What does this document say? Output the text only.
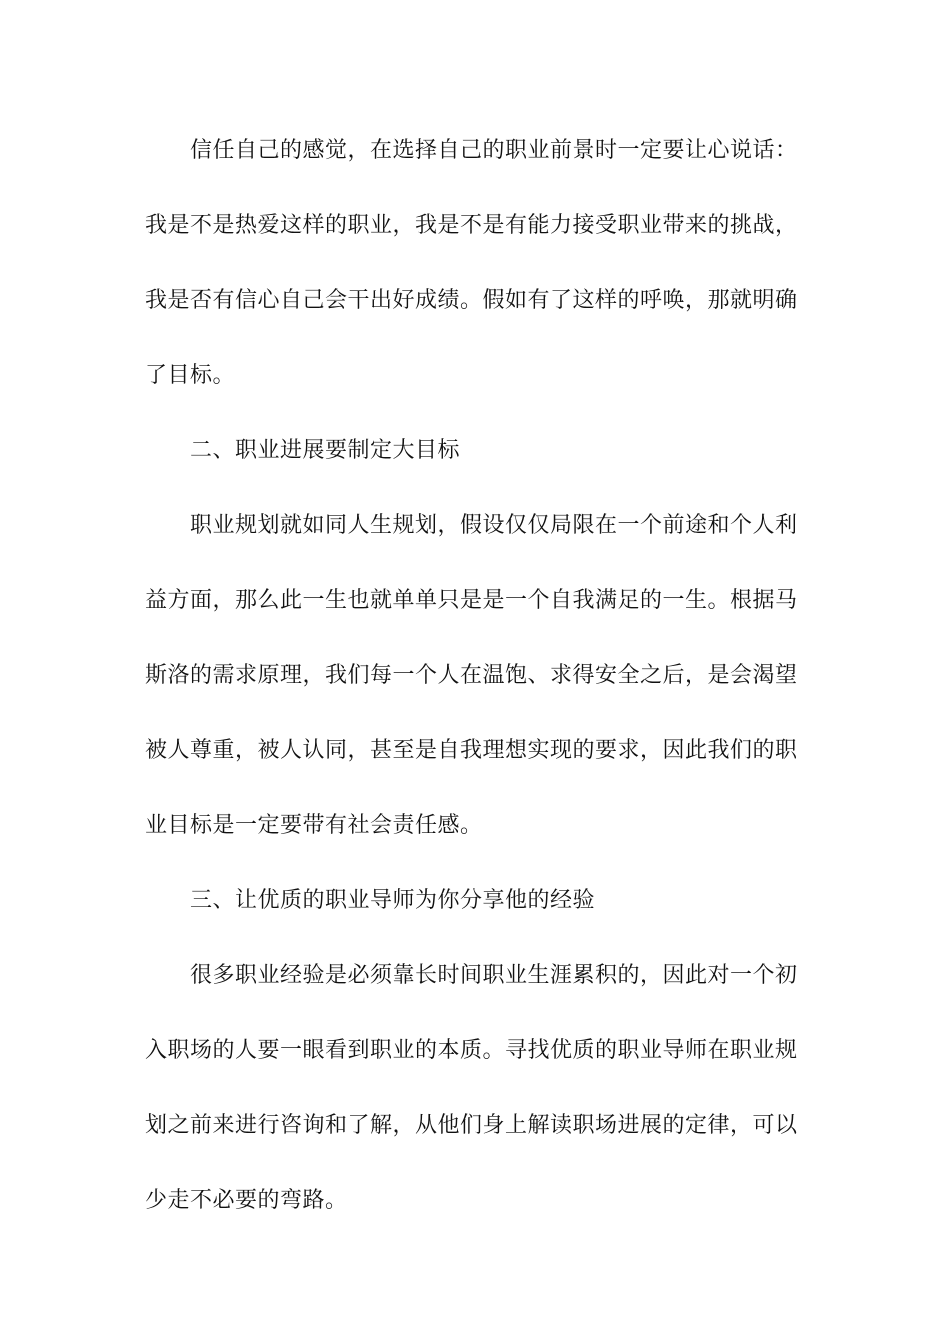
信任自己的感觉，在选择自己的职业前景时一定要让心说话：
我是不是热爱这样的职业，我是不是有能力接受职业带来的挑战，
我是否有信心自己会干出好成绩。假如有了这样的呼唤，那就明确
了目标。
二、职业进展要制定大目标
职业规划就如同人生规划，假设仅仅局限在一个前途和个人利
益方面，那么此一生也就单单只是是一个自我满足的一生。根据马
斯洛的需求原理，我们每一个人在温饱、求得安全之后，是会渴望
被人尊重，被人认同，甚至是自我理想实现的要求，因此我们的职
业目标是一定要带有社会责任感。
三、让优质的职业导师为你分享他的经验
很多职业经验是必须靠长时间职业生涯累积的，因此对一个初
入职场的人要一眼看到职业的本质。寻找优质的职业导师在职业规
划之前来进行咨询和了解，从他们身上解读职场进展的定律，可以
少走不必要的弯路。
